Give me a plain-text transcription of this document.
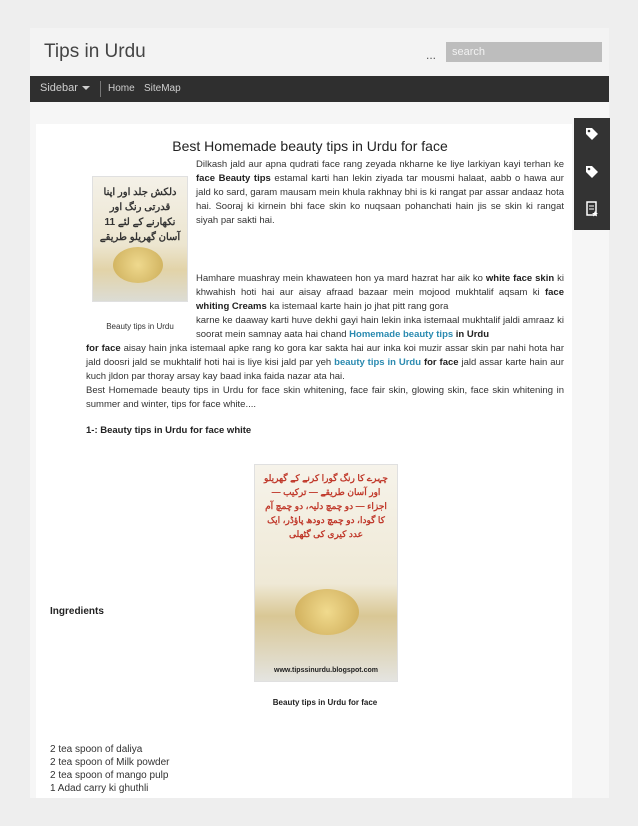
Tips in Urdu	...
search
Sidebar	Home SiteMap
Best Homemade beauty tips in Urdu for face
دلکش جلد اور اپنا قدرتی رنگ اور نکھارنے کے لئے 11 آسان گھریلو طریقے
Beauty tips in Urdu
Dilkash jald aur apna qudrati face rang zeyada nkharne ke liye larkiyan kayi terhan ke face Beauty tips estamal karti han lekin ziyada tar mousmi halaat, aabb o hawa aur jald ko sard, garam mausam mein khula rakhnay bhi is ki rangat par assar andaaz hota hai. Sooraj ki kirnein bhi face skin ko nuqsaan pohanchati hain jis se skin ki rangat siyah par sakti hai.
Hamhare muashray mein khawateen hon ya mard hazrat har aik ko white face skin ki khwahish hoti hai aur aisay afraad bazaar mein mojood mukhtalif aqsam ki face whiting Creams ka istemaal karte hain jo jhat pitt rang gora
karne ke daaway karti huve dekhi gayi hain lekin inka istemaal mukhtalif jaldi amraaz ki soorat mein samnay aata hai chand Homemade beauty tips in Urdu
for face aisay hain jnka istemaal apke rang ko gora kar sakta hai aur inka koi muzir assar skin par nahi hota har jald doosri jald se mukhtalif hoti hai is liye kisi jald par yeh beauty tips in Urdu for face jald assar karte hain aur kuch jldon par thoray arsay kay baad inka faida nazar ata hai.
Best Homemade beauty tips in Urdu for face skin whitening, face fair skin, glowing skin, face skin whitening in summer and winter, tips for face white....
1-: Beauty tips in Urdu for face white
چہرے کا رنگ گورا کرنے کے گھریلو اور آسان طریقے — ترکیب — اجزاء — دو چمچ دلیہ، دو چمچ آم کا گودا، دو چمچ دودھ پاؤڈر، ایک عدد کیری کی گٹھلی
www.tipssinurdu.blogspot.com
Beauty tips in Urdu for face
Ingredients
2 tea spoon of daliya
2 tea spoon of Milk powder
2 tea spoon of mango pulp
1 Adad carry ki ghuthli
